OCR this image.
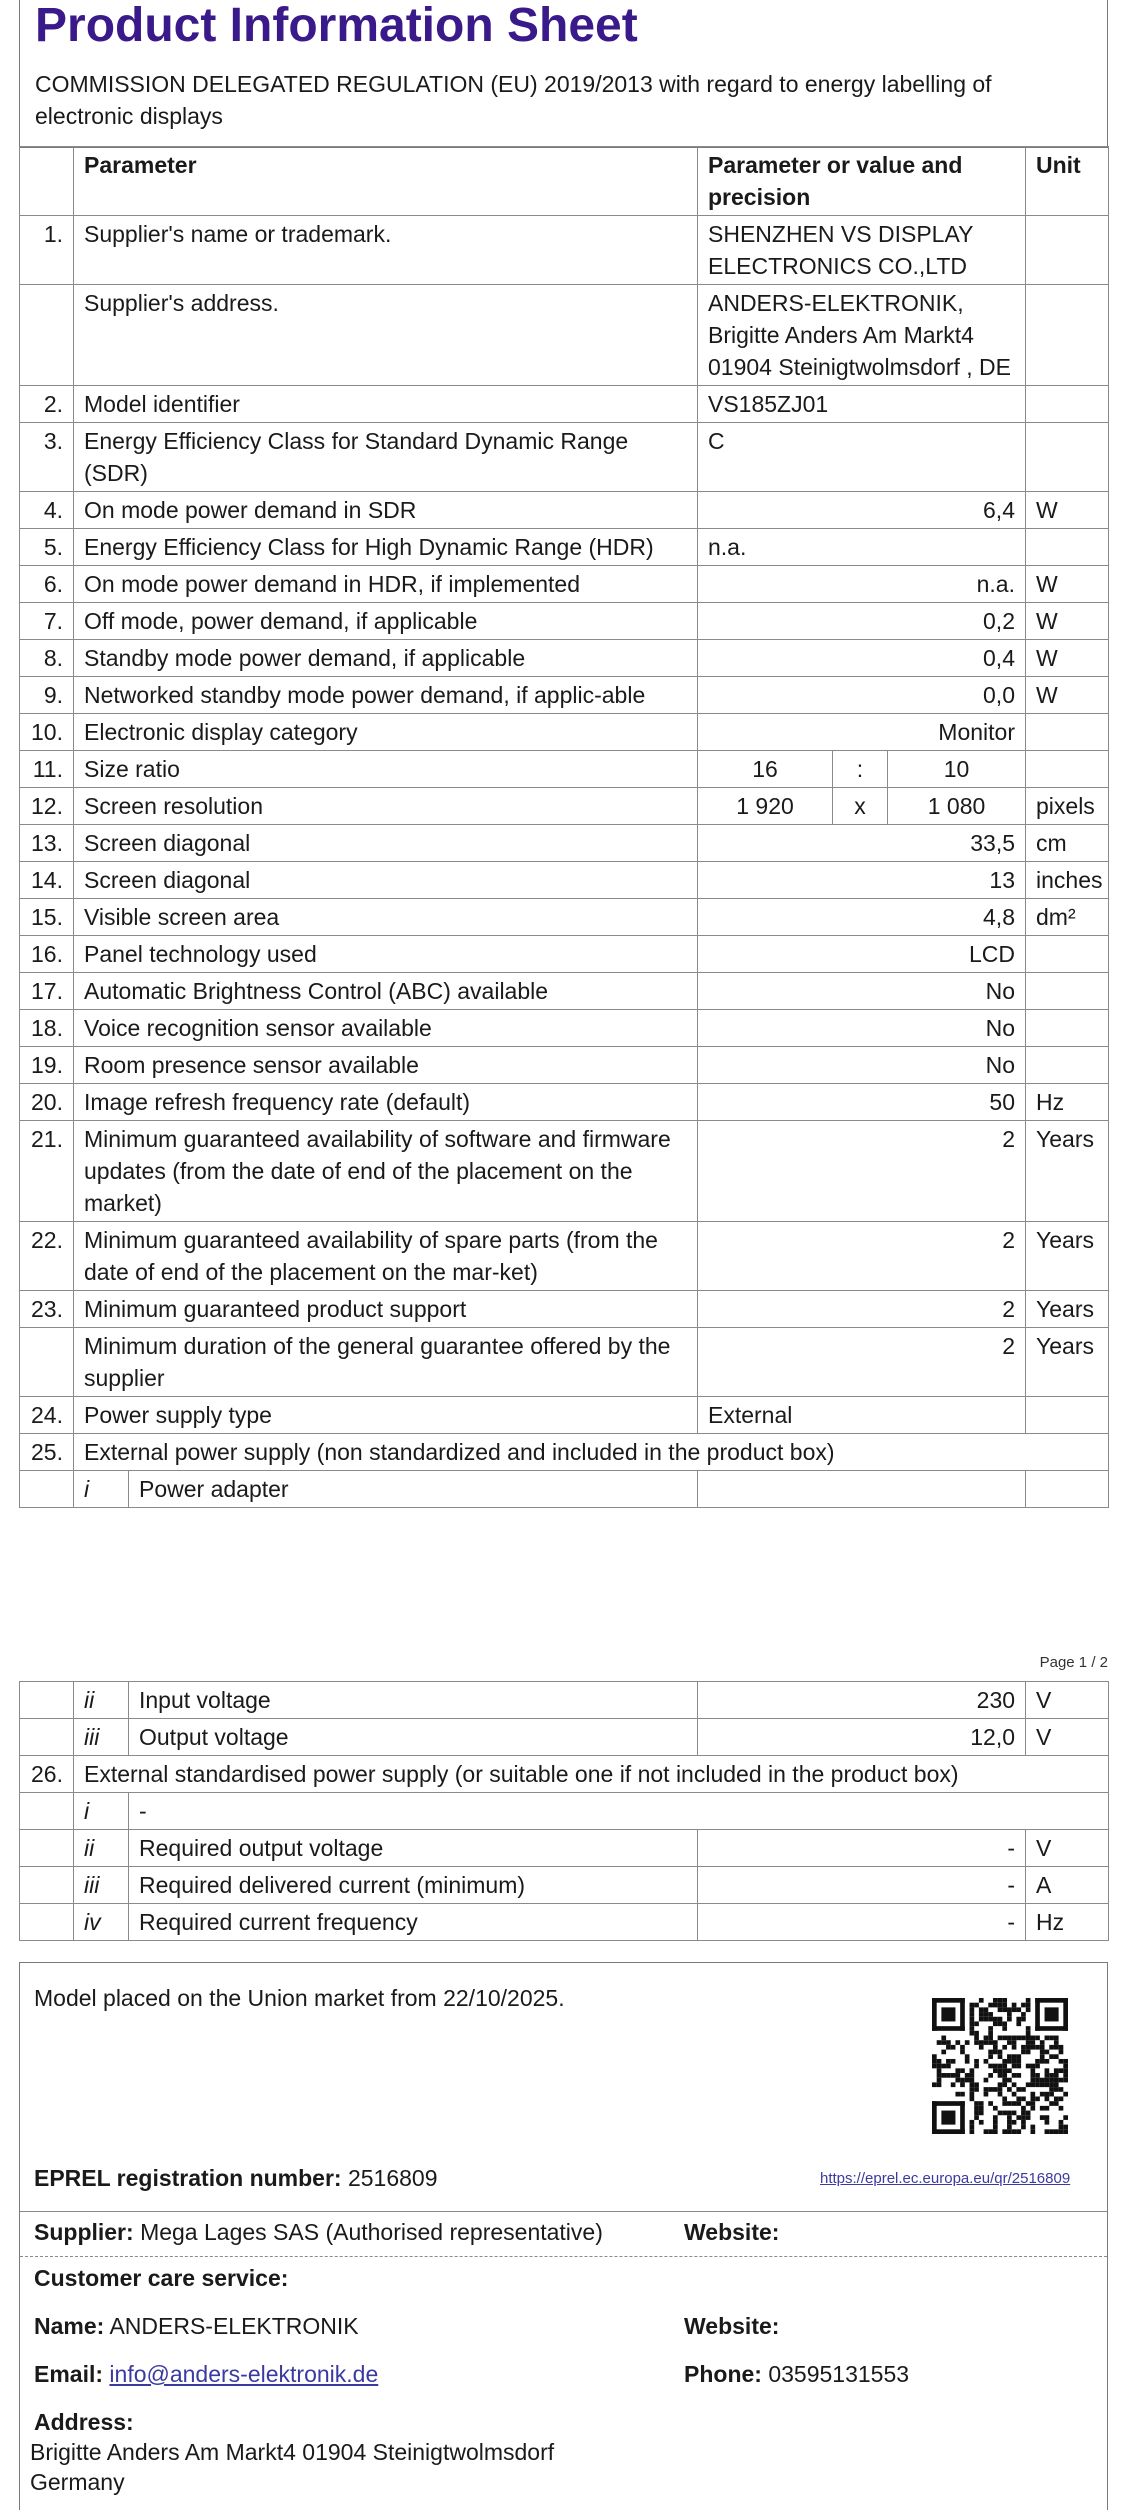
Product Information Sheet
COMMISSION DELEGATED REGULATION (EU) 2019/2013 with regard to energy labelling of electronic displays
	Parameter		Parameter or value and precision			Unit
1.	Supplier's name or trademark.		SHENZHEN VS DISPLAY ELECTRONICS CO.,LTD			
	Supplier's address.		ANDERS-ELEKTRONIK, Brigitte Anders Am Markt4 01904 Steinigtwolmsdorf , DE			
2.	Model identifier		VS185ZJ01			
3.	Energy Efficiency Class for Standard Dynamic Range (SDR)		C			
4.	On mode power demand in SDR		6,4			W
5.	Energy Efficiency Class for High Dynamic Range (HDR)		n.a.			
6.	On mode power demand in HDR, if implemented		n.a.			W
7.	Off mode, power demand, if applicable		0,2			W
8.	Standby mode power demand, if applicable		0,4			W
9.	Networked standby mode power demand, if applic-able		0,0			W
10.	Electronic display category		Monitor			
11.	Size ratio		16	:	10	
12.	Screen resolution		1 920	x	1 080	pixels
13.	Screen diagonal		33,5			cm
14.	Screen diagonal		13			inches
15.	Visible screen area		4,8			dm²
16.	Panel technology used		LCD			
17.	Automatic Brightness Control (ABC) available		No			
18.	Voice recognition sensor available		No			
19.	Room presence sensor available		No			
20.	Image refresh frequency rate (default)		50			Hz
21.	Minimum guaranteed availability of software and firmware updates (from the date of end of the placement on the market)		2			Years
22.	Minimum guaranteed availability of spare parts (from the date of end of the placement on the mar-ket)		2			Years
23.	Minimum guaranteed product support		2			Years
	Minimum duration of the general guarantee offered by the supplier		2			Years
24.	Power supply type		External			
25.	External power supply (non standardized and included in the product box)					
	i	Power adapter				
Page 1 / 2
	ii	Input voltage	230	V
	iii	Output voltage	12,0	V
26.	External standardised power supply (or suitable one if not included in the product box)			
	i	-		
	ii	Required output voltage	-	V
	iii	Required delivered current (minimum)	-	A
	iv	Required current frequency	-	Hz
Model placed on the Union market from 22/10/2025.
EPREL registration number: 2516809	https://eprel.ec.europa.eu/qr/2516809
Supplier: Mega Lages SAS (Authorised representative)	Website:
Customer care service:
Name: ANDERS-ELEKTRONIK	Website:
Email: info@anders-elektronik.de	Phone: 03595131553
Address:
Brigitte Anders Am Markt4 01904 Steinigtwolmsdorf
Germany
